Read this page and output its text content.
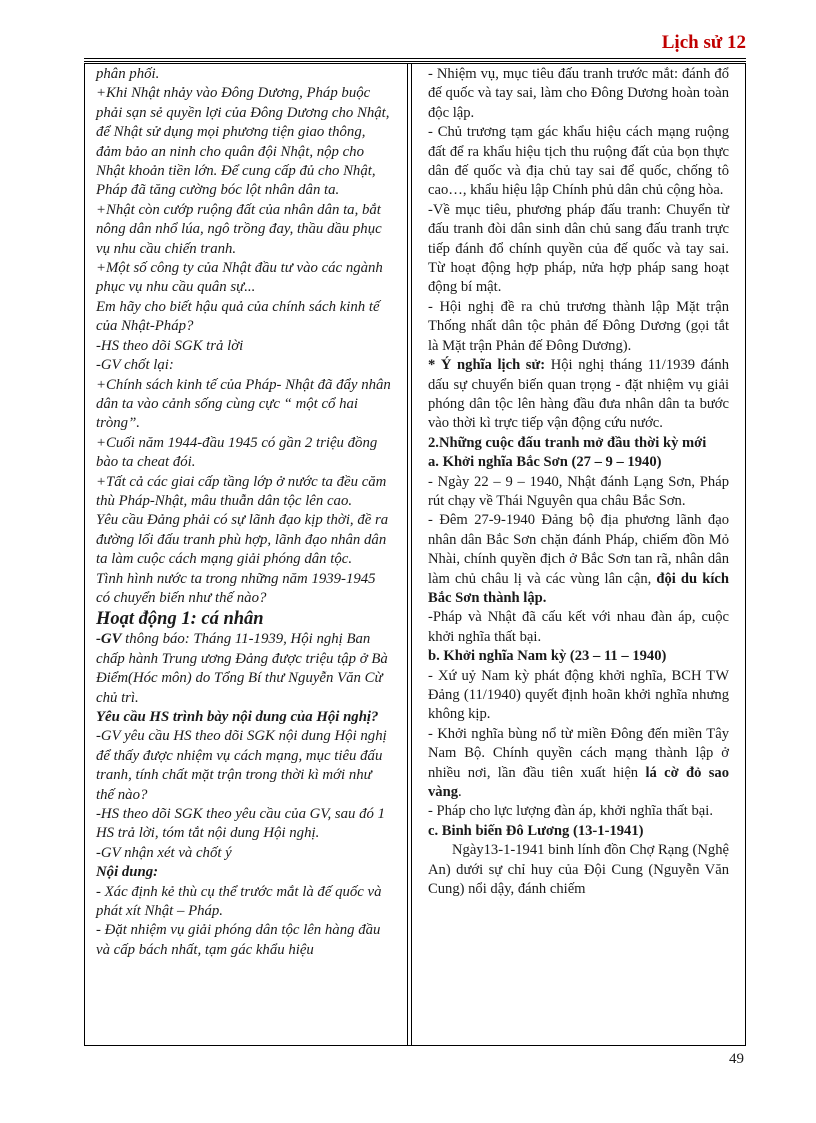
Lịch sử 12

phân phối.

+Khi Nhật nhảy vào Đông Dương, Pháp buộc phải sạn sẻ quyền lợi của Đông Dương cho Nhật, để Nhật sử dụng mọi phương tiện giao thông, đảm bảo an ninh cho quân đội Nhật, nộp cho Nhật khoản tiền lớn. Để cung cấp đủ cho Nhật, Pháp đã tăng cường bóc lột nhân dân ta.

+Nhật còn cướp ruộng đất của nhân dân ta, bắt nông dân nhổ lúa, ngô trồng đay, thầu dầu phục vụ nhu cầu chiến tranh.

+Một số công ty của Nhật đầu tư vào các ngành phục vụ nhu cầu quân sự...

Em hãy cho biết hậu quả của chính sách kinh tế của Nhật-Pháp?

-HS theo dõi SGK trả lời

-GV chốt lại:

+Chính sách kinh tế của Pháp- Nhật đã đẩy nhân dân ta vào cảnh sống cùng cực “ một cổ hai tròng”.

+Cuối năm 1944-đầu 1945 có gần 2 triệu đồng bào ta cheat đói.

+Tất cả các giai cấp tầng lớp ở nước ta đều căm thù Pháp-Nhật, mâu thuẫn dân tộc lên cao.

Yêu cầu Đảng phải có sự lãnh đạo kịp thời, đề ra đường lối đấu tranh phù hợp, lãnh đạo nhân dân ta làm cuộc cách mạng giải phóng dân tộc.

Tình hình nước ta trong những năm 1939-1945 có chuyển biến như thế nào?

Hoạt động 1: cá nhân

-GV thông báo: Tháng 11-1939, Hội nghị Ban chấp hành Trung ương Đảng được triệu tập ở Bà Điểm(Hóc môn) do Tổng Bí thư Nguyễn Văn Cừ chủ trì.

Yêu cầu HS trình bày nội dung của Hội nghị?

-GV yêu cầu HS theo dõi SGK nội dung Hội nghị để thấy được nhiệm vụ cách mạng, mục tiêu đấu tranh, tính chất mặt trận trong thời kì mới như thế nào?

-HS theo dõi SGK theo yêu cầu của GV, sau đó 1 HS trả lời, tóm tắt nội dung Hội nghị.

-GV nhận xét và chốt ý

Nội dung:

- Xác định kẻ thù cụ thể trước mắt là đế quốc và phát xít Nhật – Pháp.

- Đặt nhiệm vụ giải phóng dân tộc lên hàng đầu và cấp bách nhất, tạm gác khẩu hiệu

- Nhiệm vụ, mục tiêu đấu tranh trước mắt: đánh đổ đế quốc và tay sai, làm cho Đông Dương hoàn toàn độc lập.

- Chủ trương tạm gác khẩu hiệu cách mạng ruộng đất để ra khẩu hiệu tịch thu ruộng đất của bọn thực dân đế quốc và địa chủ tay sai để quốc, chống tô cao…, khẩu hiệu lập Chính phủ dân chủ cộng hòa.

-Về mục tiêu, phương pháp đấu tranh: Chuyển từ đấu tranh đòi dân sinh dân chủ sang đấu tranh trực tiếp đánh đổ chính quyền của đế quốc và tay sai. Từ hoạt động hợp pháp, nửa hợp pháp sang hoạt động bí mật.

- Hội nghị đề ra chủ trương thành lập Mặt trận Thống nhất dân tộc phản đế Đông Dương (gọi tắt là Mặt trận Phản đế Đông Dương).

* Ý nghĩa lịch sử: Hội nghị tháng 11/1939 đánh dấu sự chuyển biến quan trọng - đặt nhiệm vụ giải phóng dân tộc lên hàng đầu đưa nhân dân ta bước vào thời kì trực tiếp vận động cứu nước.

2.Những cuộc đấu tranh mở đầu thời kỳ mới

a. Khởi nghĩa Bắc Sơn (27 – 9 – 1940)

- Ngày 22 – 9 – 1940, Nhật đánh Lạng Sơn, Pháp rút chạy về Thái Nguyên qua châu Bắc Sơn.

- Đêm 27-9-1940 Đảng bộ địa phương lãnh đạo nhân dân Bắc Sơn chặn đánh Pháp, chiếm đồn Mỏ Nhài, chính quyền địch ở Bắc Sơn tan rã, nhân dân làm chủ châu lị và các vùng lân cận, đội du kích Bắc Sơn thành lập.

-Pháp và Nhật đã cấu kết với nhau đàn áp, cuộc khởi nghĩa thất bại.

b. Khởi nghĩa Nam kỳ (23 – 11 – 1940)

- Xứ uỷ Nam kỳ phát động khởi nghĩa, BCH TW Đảng (11/1940) quyết định hoãn khởi nghĩa nhưng không kịp.

- Khởi nghĩa bùng nổ từ miền Đông đến miền Tây Nam Bộ. Chính quyền cách mạng thành lập ở nhiều nơi, lần đầu tiên xuất hiện lá cờ đỏ sao vàng.

- Pháp cho lực lượng đàn áp, khởi nghĩa thất bại.

c. Binh biến Đô Lương (13-1-1941)

Ngày13-1-1941 binh lính đồn Chợ Rạng (Nghệ An) dưới sự chỉ huy của Đội Cung (Nguyễn Văn Cung) nổi dậy, đánh chiếm

49
